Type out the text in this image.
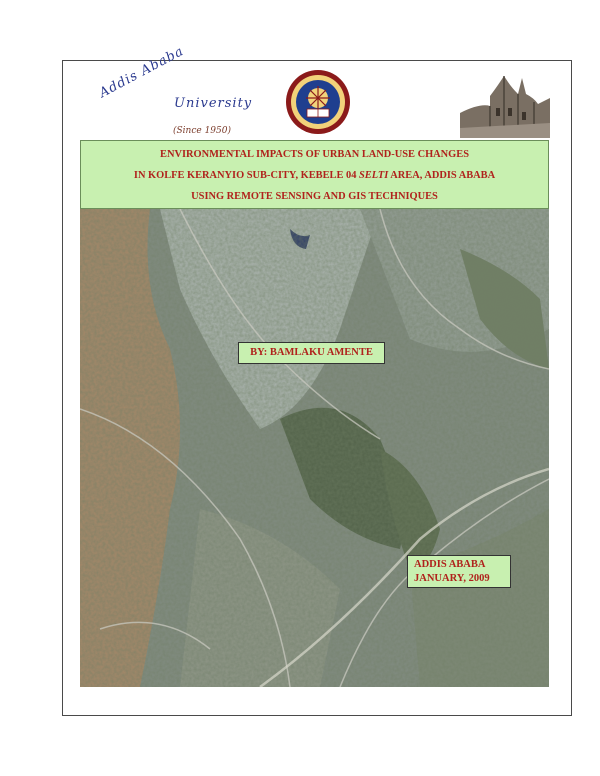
Addis Ababa
University
(Since 1950)
ENVIRONMENTAL IMPACTS OF URBAN LAND-USE CHANGES
IN KOLFE KERANYIO SUB-CITY, KEBELE 04 SELTI AREA, ADDIS ABABA
USING REMOTE SENSING AND GIS TECHNIQUES
BY: BAMLAKU AMENTE
ADDIS ABABA
JANUARY, 2009
